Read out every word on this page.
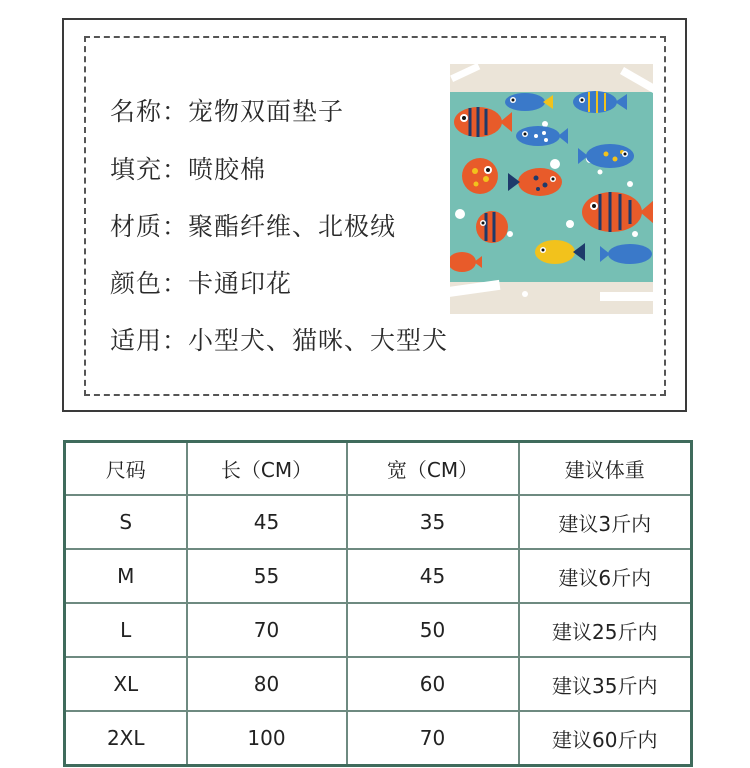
名称：宠物双面垫子
填充：喷胶棉
材质：聚酯纤维、北极绒
颜色：卡通印花
适用：小型犬、猫咪、大型犬
尺码	长（CM）	宽（CM）	建议体重
S	45	35	建议3斤内
M	55	45	建议6斤内
L	70	50	建议25斤内
XL	80	60	建议35斤内
2XL	100	70	建议60斤内
